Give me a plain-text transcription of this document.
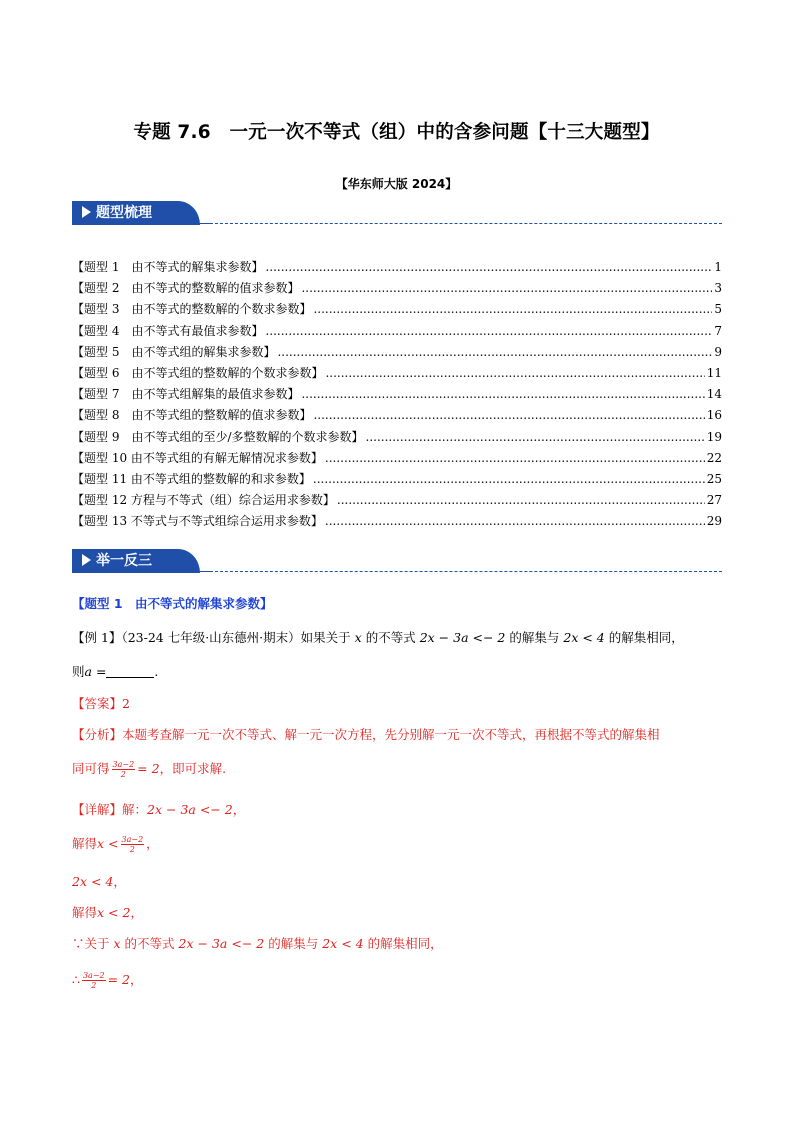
专题 7.6　一元一次不等式（组）中的含参问题【十三大题型】
【华东师大版 2024】
题型梳理
【题型 1　由不等式的解集求参数】 .....	1
【题型 2　由不等式的整数解的值求参数】 .....	3
【题型 3　由不等式的整数解的个数求参数】 .....	5
【题型 4　由不等式有最值求参数】 .....	7
【题型 5　由不等式组的解集求参数】 .....	9
【题型 6　由不等式组的整数解的个数求参数】 .....	11
【题型 7　由不等式组解集的最值求参数】 .....	14
【题型 8　由不等式组的整数解的值求参数】 .....	16
【题型 9　由不等式组的至少/多整数解的个数求参数】 .....	19
【题型 10 由不等式组的有解无解情况求参数】 .....	22
【题型 11 由不等式组的整数解的和求参数】 .....	25
【题型 12 方程与不等式（组）综合运用求参数】 .....	27
【题型 13 不等式与不等式组综合运用求参数】 .....	29
举一反三
【题型 1　由不等式的解集求参数】
【例 1】（23-24 七年级·山东德州·期末）如果关于 x 的不等式 2x − 3a <− 2 的解集与 2x < 4 的解集相同，
则a =	.
【答案】2
【分析】本题考查解一元一次不等式、解一元一次方程，先分别解一元一次不等式，再根据不等式的解集相
同可得 $\frac{3a-2}{2} = 2$，即可求解.
【详解】解：2x − 3a <− 2，
解得$x < \frac{3a-2}{2}$ ，
2x < 4，
解得x < 2，
∵关于 x 的不等式 2x − 3a <− 2 的解集与 2x < 4 的解集相同，
∴ $\frac{3a-2}{2} = 2$，
